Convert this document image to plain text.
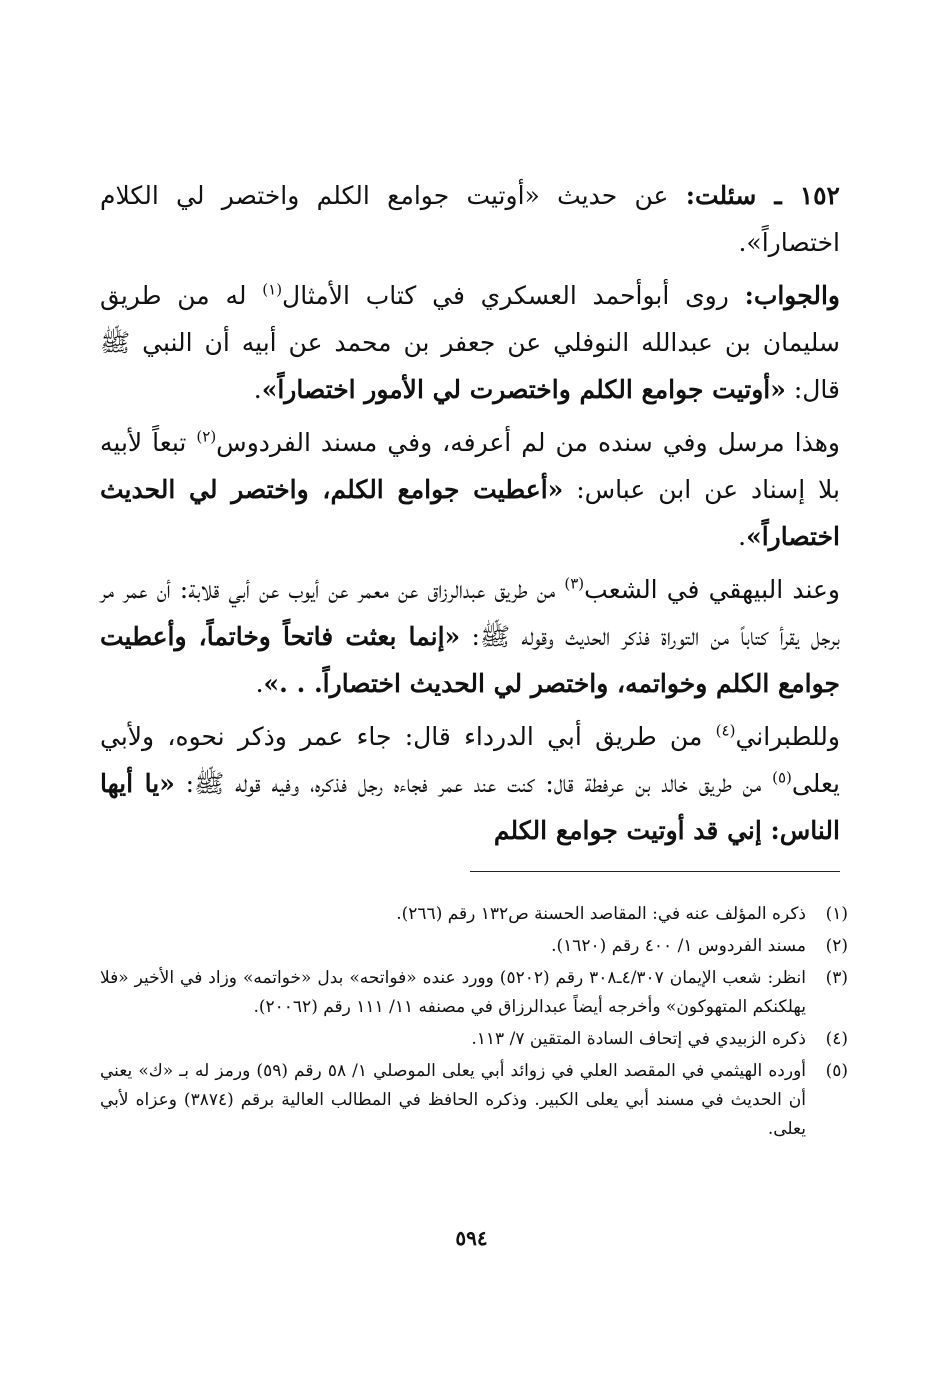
١٥٢ ـ سئلت: عن حديث «أوتيت جوامع الكلم واختصر لي الكلام اختصاراً».

والجواب: روى أبوأحمد العسكري في كتاب الأمثال$^{(١)}$ له من طريق سليمان بن عبدالله النوفلي عن جعفر بن محمد عن أبيه أن النبي ﷺ قال: «أوتيت جوامع الكلم واختصرت لي الأمور اختصاراً».

وهذا مرسل وفي سنده من لم أعرفه، وفي مسند الفردوس$^{(٢)}$ تبعاً لأبيه بلا إسناد عن ابن عباس: «أعطيت جوامع الكلم، واختصر لي الحديث اختصاراً».

وعند البيهقي في الشعب$^{(٣)}$ من طريق عبدالرزاق عن معمر عن أيوب عن أبي قلابة: أن عمر مر برجل يقرأ كتاباً من التوراة فذكر الحديث وقوله ﷺ: «إنما بعثت فاتحاً وخاتماً، وأعطيت جوامع الكلم وخواتمه، واختصر لي الحديث اختصاراً. . .».

وللطبراني$^{(٤)}$ من طريق أبي الدرداء قال: جاء عمر وذكر نحوه، ولأبي يعلى$^{(٥)}$ من طريق خالد بن عرفطة قال: كنت عند عمر فجاءه رجل فذكره، وفيه قوله ﷺ: «يا أيها الناس: إني قد أوتيت جوامع الكلم

(١)
ذكره المؤلف عنه في: المقاصد الحسنة ص١٣٢ رقم (٢٦٦).
(٢)
مسند الفردوس ١/ ٤٠٠ رقم (١٦٢٠).
(٣)
انظر: شعب الإيمان ٤/٣٠٧ـ٣٠٨ رقم (٥٢٠٢) وورد عنده «فواتحه» بدل «خواتمه» وزاد في الأخير «فلا يهلكنكم المتهوكون» وأخرجه أيضاً عبدالرزاق في مصنفه ١١/ ١١١ رقم (٢٠٠٦٢).
(٤)
ذكره الزبيدي في إتحاف السادة المتقين ٧/ ١١٣.
(٥)
أورده الهيثمي في المقصد العلي في زوائد أبي يعلى الموصلي ١/ ٥٨ رقم (٥٩) ورمز له بـ «ك» يعني أن الحديث في مسند أبي يعلى الكبير. وذكره الحافظ في المطالب العالية برقم (٣٨٧٤) وعزاه لأبي يعلى.
٥٩٤
